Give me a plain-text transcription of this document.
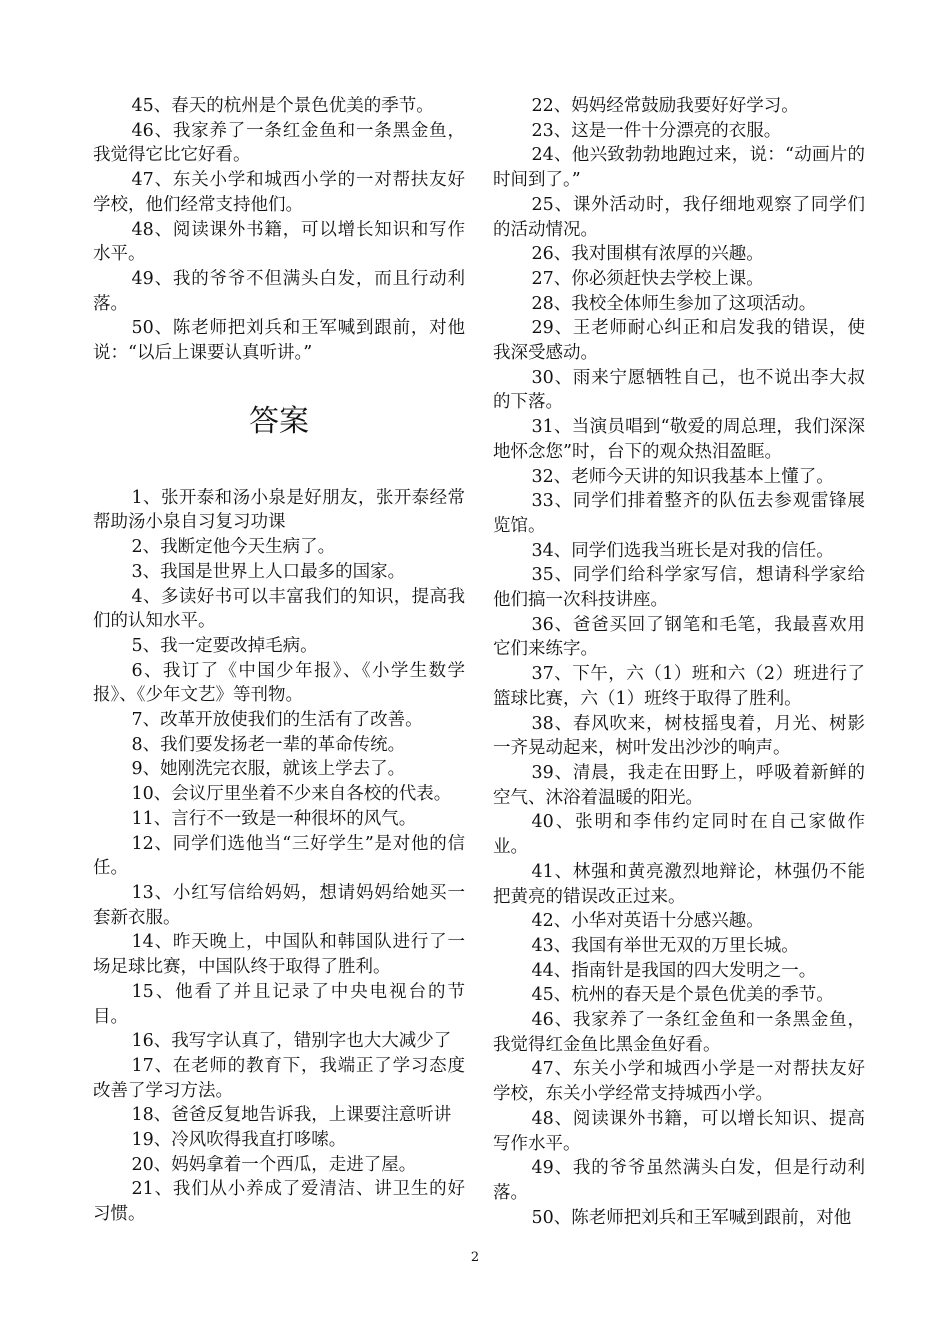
45、春天的杭州是个景色优美的季节。

46、我家养了一条红金鱼和一条黑金鱼，我觉得它比它好看。

47、东关小学和城西小学的一对帮扶友好学校，他们经常支持他们。

48、阅读课外书籍，可以增长知识和写作水平。

49、我的爷爷不但满头白发，而且行动利落。

50、陈老师把刘兵和王军喊到跟前，对他说：“以后上课要认真听讲。”

答案

1、张开泰和汤小泉是好朋友，张开泰经常帮助汤小泉自习复习功课

2、我断定他今天生病了。

3、我国是世界上人口最多的国家。

4、多读好书可以丰富我们的知识，提高我们的认知水平。

5、我一定要改掉毛病。

6、我订了《中国少年报》、《小学生数学报》、《少年文艺》等刊物。

7、改革开放使我们的生活有了改善。

8、我们要发扬老一辈的革命传统。

9、她刚洗完衣服，就该上学去了。

10、会议厅里坐着不少来自各校的代表。

11、言行不一致是一种很坏的风气。

12、同学们选他当“三好学生”是对他的信任。

13、小红写信给妈妈，想请妈妈给她买一套新衣服。

14、昨天晚上，中国队和韩国队进行了一场足球比赛，中国队终于取得了胜利。

15、他看了并且记录了中央电视台的节目。

16、我写字认真了，错别字也大大减少了

17、在老师的教育下，我端正了学习态度改善了学习方法。

18、爸爸反复地告诉我，上课要注意听讲

19、冷风吹得我直打哆嗦。

20、妈妈拿着一个西瓜，走进了屋。

21、我们从小养成了爱清洁、讲卫生的好习惯。

22、妈妈经常鼓励我要好好学习。

23、这是一件十分漂亮的衣服。

24、他兴致勃勃地跑过来，说：“动画片的时间到了。”

25、课外活动时，我仔细地观察了同学们的活动情况。

26、我对围棋有浓厚的兴趣。

27、你必须赶快去学校上课。

28、我校全体师生参加了这项活动。

29、王老师耐心纠正和启发我的错误，使我深受感动。

30、雨来宁愿牺牲自己，也不说出李大叔的下落。

31、当演员唱到“敬爱的周总理，我们深深地怀念您”时，台下的观众热泪盈眶。

32、老师今天讲的知识我基本上懂了。

33、同学们排着整齐的队伍去参观雷锋展览馆。

34、同学们选我当班长是对我的信任。

35、同学们给科学家写信，想请科学家给他们搞一次科技讲座。

36、爸爸买回了钢笔和毛笔，我最喜欢用它们来练字。

37、下午，六（1）班和六（2）班进行了篮球比赛，六（1）班终于取得了胜利。

38、春风吹来，树枝摇曳着，月光、树影一齐晃动起来，树叶发出沙沙的响声。

39、清晨，我走在田野上，呼吸着新鲜的空气、沐浴着温暖的阳光。

40、张明和李伟约定同时在自己家做作业。

41、林强和黄亮激烈地辩论，林强仍不能把黄亮的错误改正过来。

42、小华对英语十分感兴趣。

43、我国有举世无双的万里长城。

44、指南针是我国的四大发明之一。

45、杭州的春天是个景色优美的季节。

46、我家养了一条红金鱼和一条黑金鱼，我觉得红金鱼比黑金鱼好看。

47、东关小学和城西小学是一对帮扶友好学校，东关小学经常支持城西小学。

48、阅读课外书籍，可以增长知识、提高写作水平。

49、我的爷爷虽然满头白发，但是行动利落。

50、陈老师把刘兵和王军喊到跟前，对他

2
